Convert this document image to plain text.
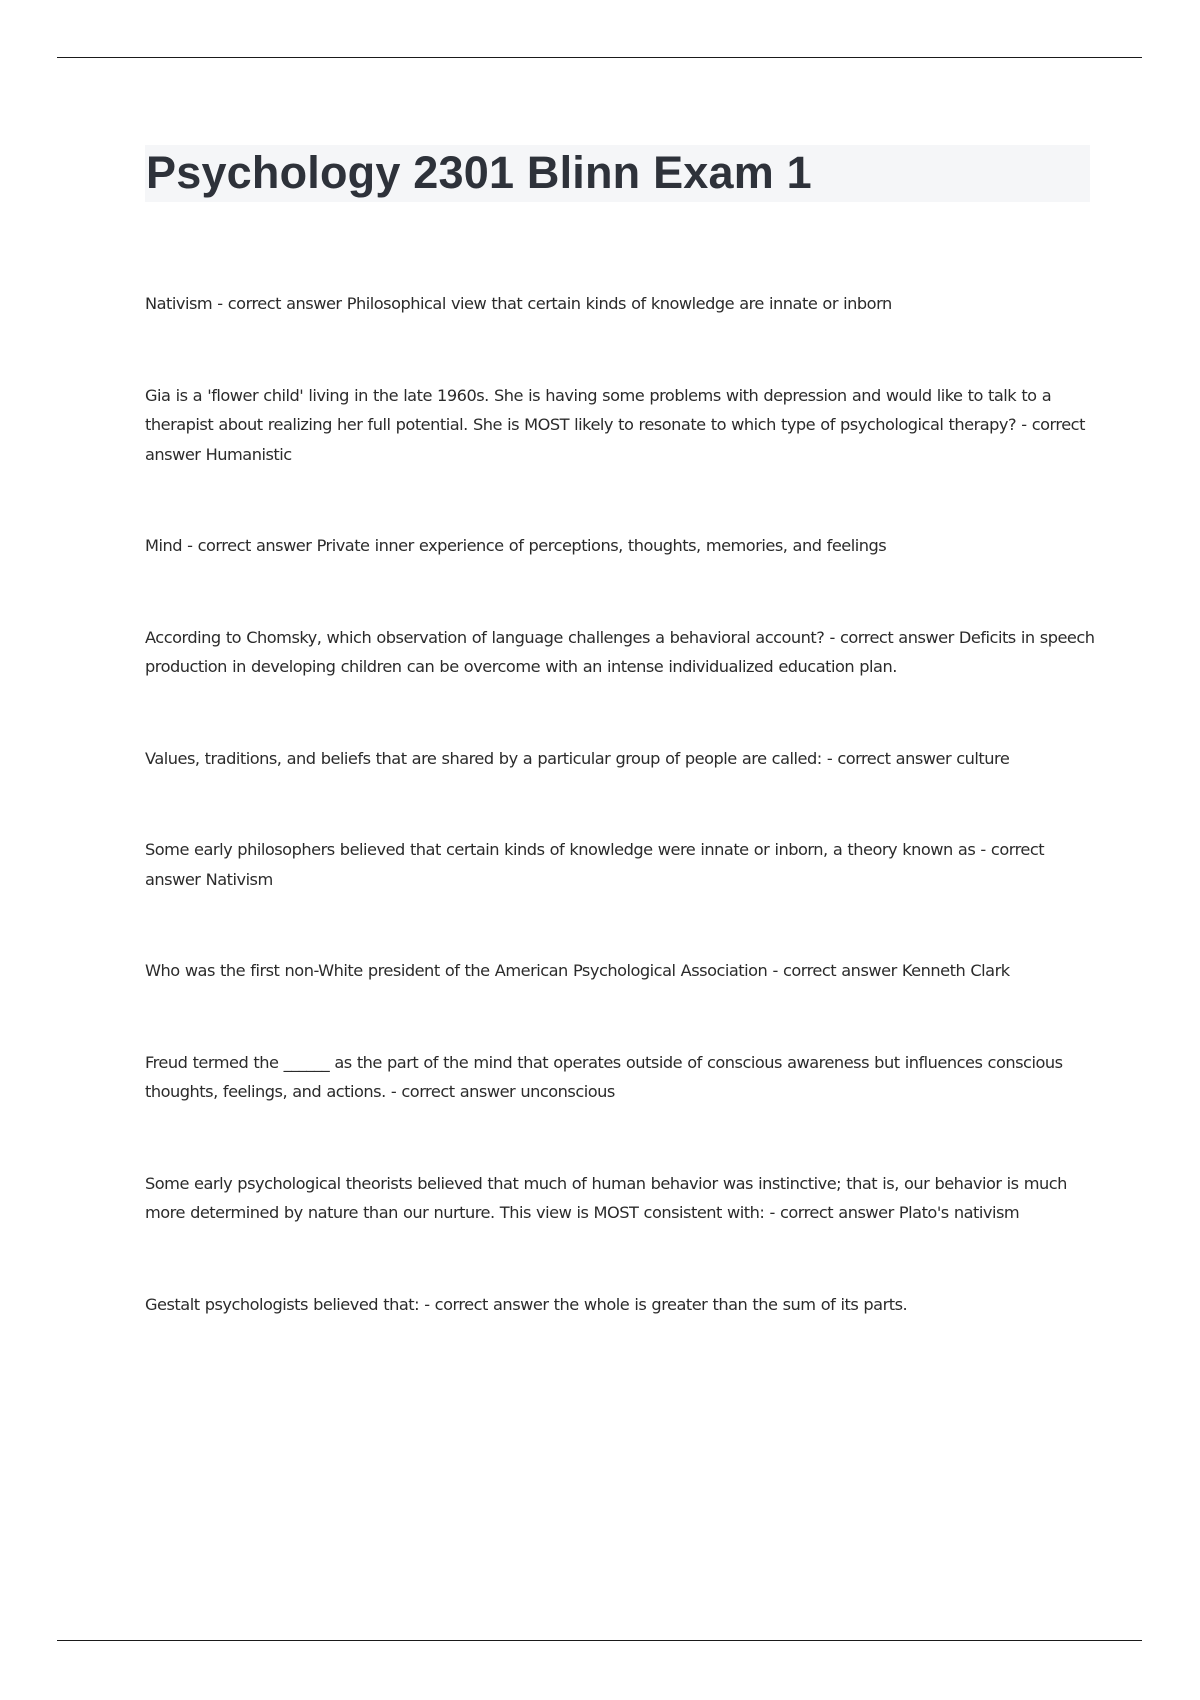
Psychology 2301 Blinn Exam 1

Nativism - correct answer Philosophical view that certain kinds of knowledge are innate or inborn

Gia is a 'flower child' living in the late 1960s. She is having some problems with depression and would like to talk to a therapist about realizing her full potential. She is MOST likely to resonate to which type of psychological therapy? - correct answer Humanistic

Mind - correct answer Private inner experience of perceptions, thoughts, memories, and feelings

According to Chomsky, which observation of language challenges a behavioral account? - correct answer Deficits in speech production in developing children can be overcome with an intense individualized education plan.

Values, traditions, and beliefs that are shared by a particular group of people are called: - correct answer culture

Some early philosophers believed that certain kinds of knowledge were innate or inborn, a theory known as - correct answer Nativism

Who was the first non-White president of the American Psychological Association - correct answer Kenneth Clark

Freud termed the ______ as the part of the mind that operates outside of conscious awareness but influences conscious thoughts, feelings, and actions. - correct answer unconscious

Some early psychological theorists believed that much of human behavior was instinctive; that is, our behavior is much more determined by nature than our nurture. This view is MOST consistent with: - correct answer Plato's nativism

Gestalt psychologists believed that: - correct answer the whole is greater than the sum of its parts.
